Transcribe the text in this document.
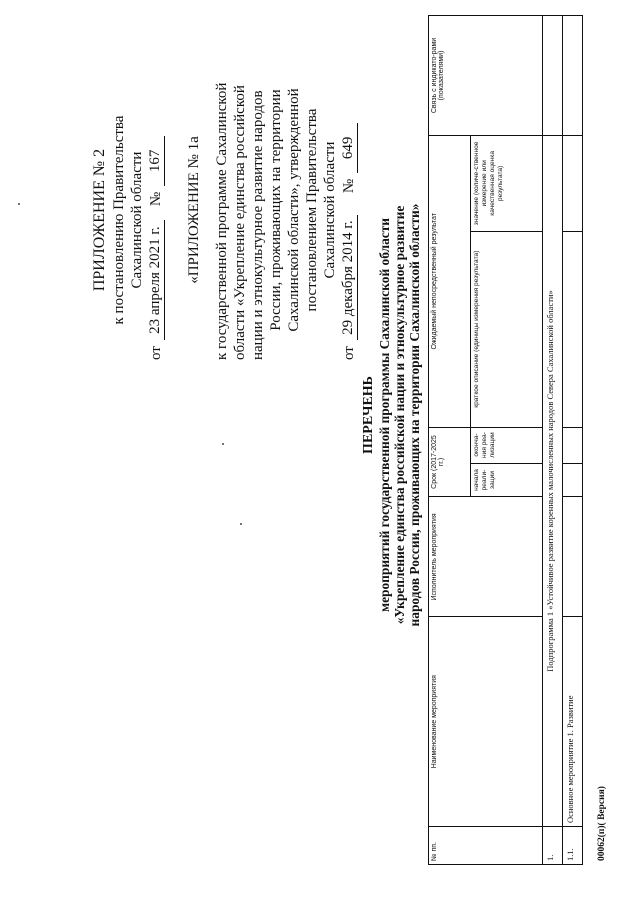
ПРИЛОЖЕНИЕ № 2 к постановлению Правительства Сахалинской области
от
23 апреля 2021 г.
№
167 «ПРИЛОЖЕНИЕ № 1а к государственной программе Сахалинской области «Укрепление единства российской нации и этнокультурное развитие народов России, проживающих на территории Сахалинской области», утвержденной постановлением Правительства Сахалинской области
от
29 декабря 2014 г.
№
649
ПЕРЕЧЕНЬ мероприятий государственной программы Сахалинской области «Укрепление единства российской нации и этнокультурное развитие народов России, проживающих на территории Сахалинской области»
№ пп.	Наименование мероприятия	Исполнитель мероприятия	Срок (2017-2025 гг.)		Ожидаемый непосредственный результат		Связь с индикато-рами (показателями)
			начала реали-зации	оконча-ния реа-лизации	краткое описание (единицы измерения результата)	значение (количе-ственное измерение или качественная оценка результата)	
1.	Подпрограмма 1 «Устойчивое развитие коренных малочисленных народов Севера Сахалинской области»						
1.1.	Основное мероприятие 1. Развитие						
00062(п)( Версия)
